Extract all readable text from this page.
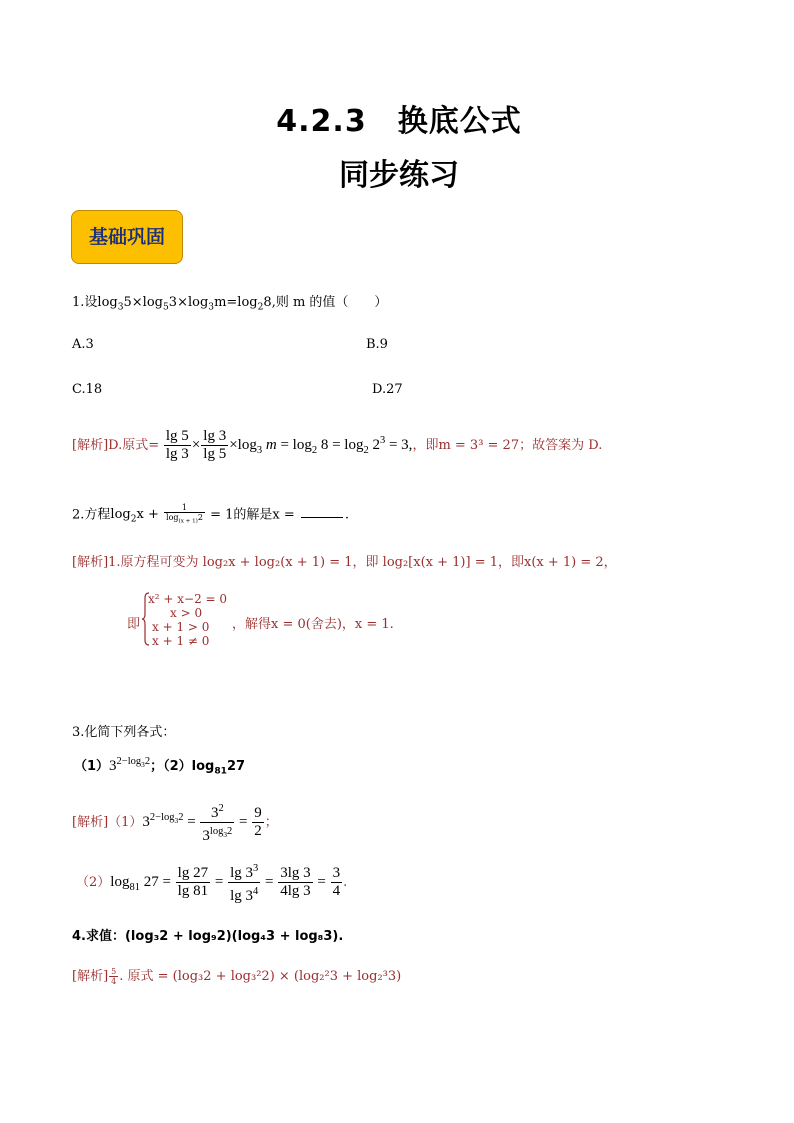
4.2.3　换底公式
同步练习
基础巩固
1.设$\log_35\times\log_53\times\log_3m=\log_28$,则 m 的值（　　）
A.3	B.9
C.18	D.27
[解析]D.原式= $\frac{\lg 5}{\lg 3} \times \frac{\lg 3}{\lg 5} \times\log_3$ $m = \log_2 8 = \log_2 2^3 = 3$,，即m = 3³ = 27；故答案为 D.
2.方程$\log_2x + \frac{1}{\log_{(x + 1)}2} = 1$的解是x =	.
[解析]1.原方程可变为 log₂x + log₂(x + 1) = 1，即 log₂[x(x + 1)] = 1，即x(x + 1) = 2，
即
x² + x−2 = 0
x > 0
x + 1 > 0
x + 1 ≠ 0
，解得x = 0(舍去)，x = 1.
3.化简下列各式：
$(1)3^{2-log_32}$；$(2)\log_{81}27$
[解析]$(1)3^{2-log_32} = \frac{3^2}{3^{log_32}} = \frac{9}{2}$ ；
$(2)\log_{81}$ $27 = \frac{\lg 27}{\lg 81} = \frac{\lg 3^3}{\lg 3^4} = \frac{3\lg 3}{4\lg 3} = \frac{3}{4}$ .
4.求值：(log₃2 + log₉2)(log₄3 + log₈3).
[解析] $\frac{5}{4}$ . 原式 = (log₃2 + log₃²2) × (log₂²3 + log₂³3)
